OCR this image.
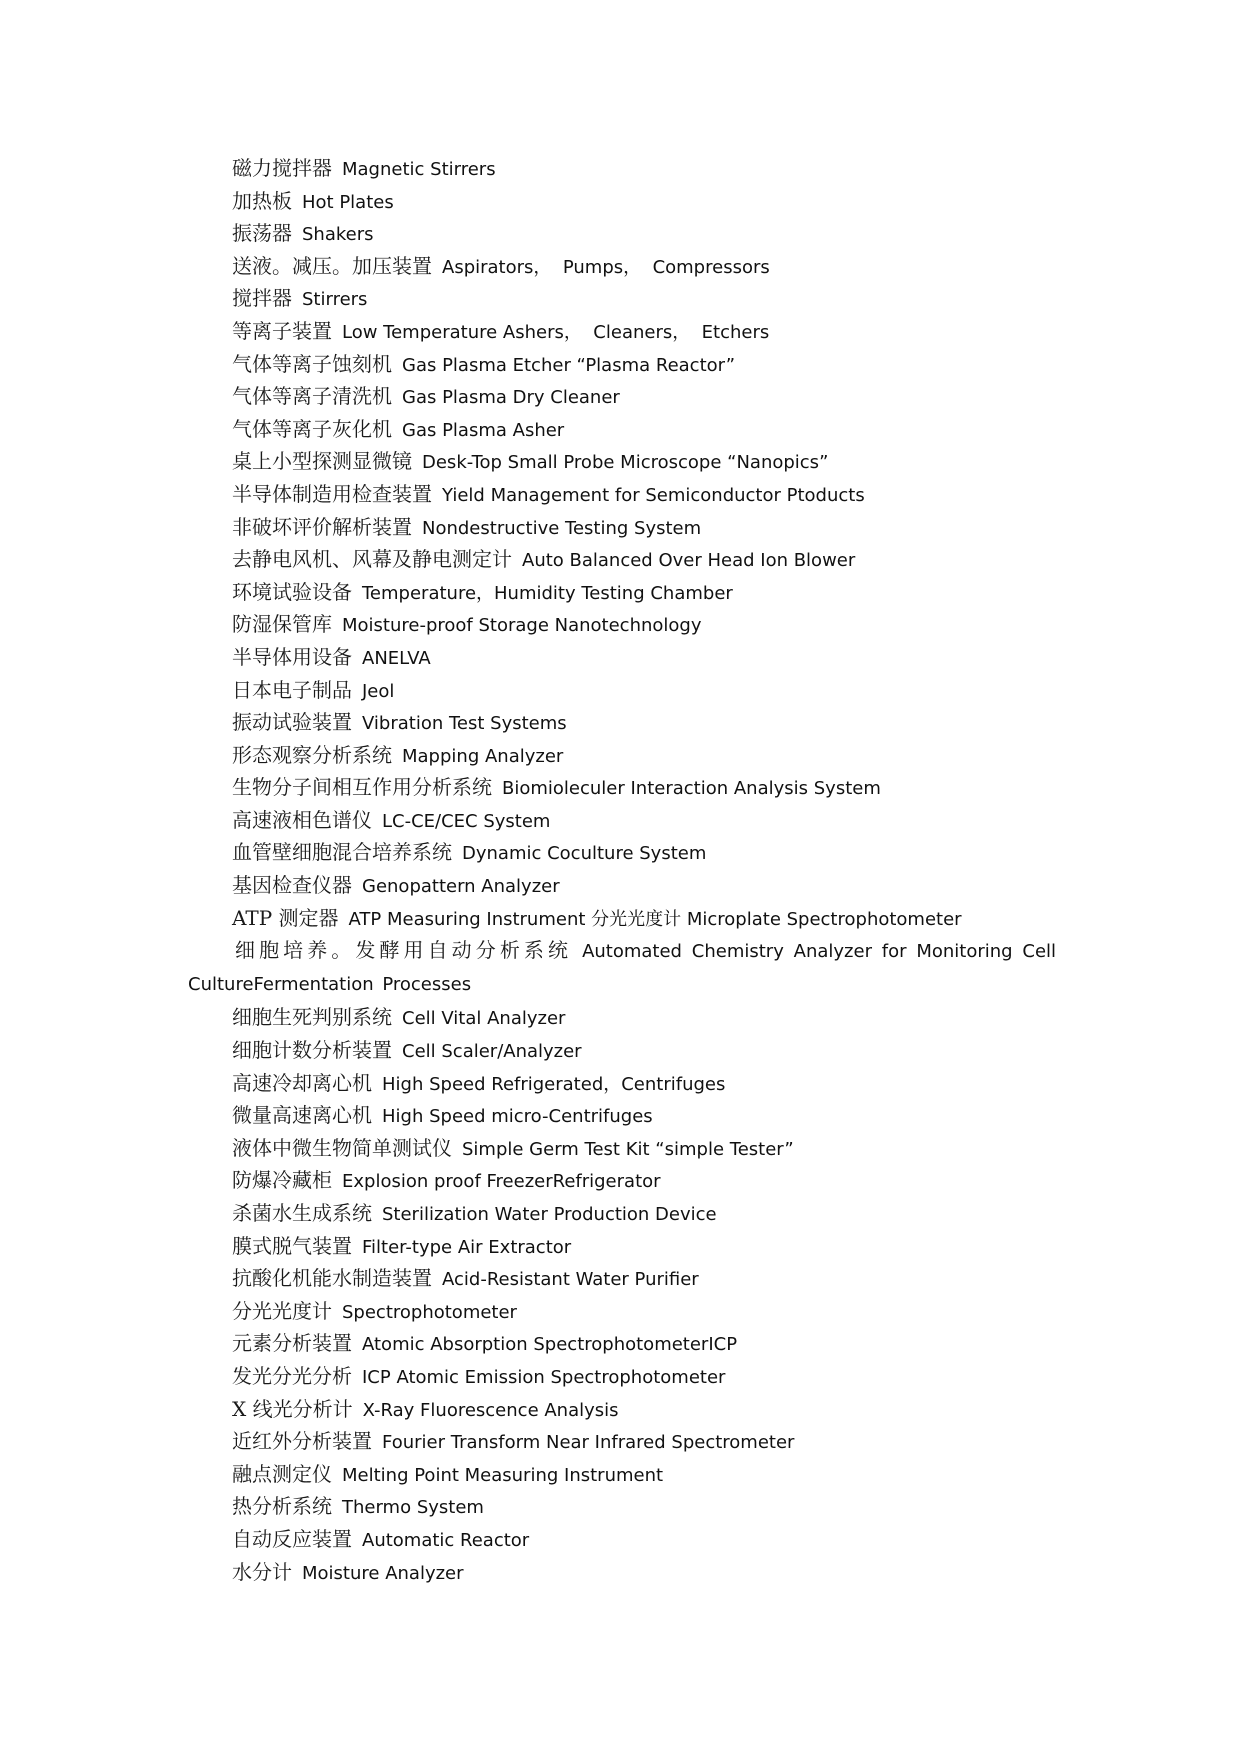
磁力搅拌器 Magnetic Stirrers
加热板 Hot Plates
振荡器 Shakers
送液。减压。加压装置 Aspirators，  Pumps，  Compressors
搅拌器 Stirrers
等离子装置 Low Temperature Ashers，  Cleaners，  Etchers
气体等离子蚀刻机 Gas Plasma Etcher “Plasma Reactor”
气体等离子清洗机 Gas Plasma Dry Cleaner
气体等离子灰化机 Gas Plasma Asher
桌上小型探测显微镜 Desk-Top Small Probe Microscope “Nanopics”
半导体制造用检查装置 Yield Management for Semiconductor Ptoducts
非破坏评价解析装置 Nondestructive Testing System
去静电风机、风幕及静电测定计 Auto Balanced Over Head Ion Blower
环境试验设备 Temperature，Humidity Testing Chamber
防湿保管库 Moisture-proof Storage Nanotechnology
半导体用设备 ANELVA
日本电子制品 Jeol
振动试验装置 Vibration Test Systems
形态观察分析系统 Mapping Analyzer
生物分子间相互作用分析系统 Biomioleculer Interaction Analysis System
高速液相色谱仪 LC-CE/CEC System
血管壁细胞混合培养系统 Dynamic Coculture System
基因检查仪器 Genopattern Analyzer
ATP 测定器 ATP Measuring Instrument 分光光度计 Microplate Spectrophotometer
细胞培养。发酵用自动分析系统 Automated Chemistry Analyzer for Monitoring Cell CultureFermentation Processes
细胞生死判别系统 Cell Vital Analyzer
细胞计数分析装置 Cell Scaler/Analyzer
高速冷却离心机 High Speed Refrigerated，Centrifuges
微量高速离心机 High Speed micro-Centrifuges
液体中微生物简单测试仪 Simple Germ Test Kit “simple Tester”
防爆冷藏柜 Explosion proof FreezerRefrigerator
杀菌水生成系统 Sterilization Water Production Device
膜式脱气装置 Filter-type Air Extractor
抗酸化机能水制造装置 Acid-Resistant Water Purifier
分光光度计 Spectrophotometer
元素分析装置 Atomic Absorption SpectrophotometerICP
发光分光分析 ICP Atomic Emission Spectrophotometer
X 线光分析计 X-Ray Fluorescence Analysis
近红外分析装置 Fourier Transform Near Infrared Spectrometer
融点测定仪 Melting Point Measuring Instrument
热分析系统 Thermo System
自动反应装置 Automatic Reactor
水分计 Moisture Analyzer
